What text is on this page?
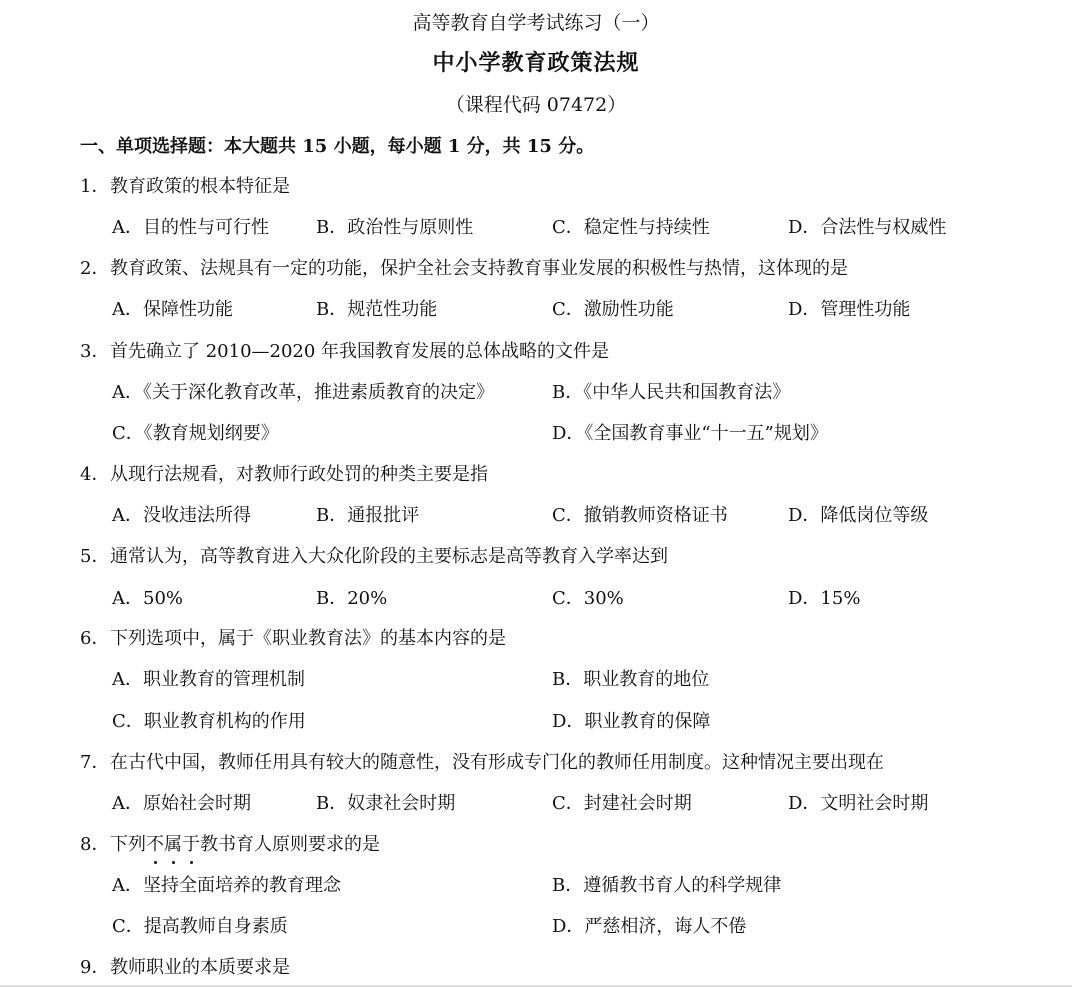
高等教育自学考试练习（一）
中小学教育政策法规
（课程代码 07472）
一、单项选择题：本大题共 15 小题，每小题 1 分，共 15 分。
1．教育政策的根本特征是
A．目的性与可行性	B．政治性与原则性	C．稳定性与持续性	D．合法性与权威性
2．教育政策、法规具有一定的功能，保护全社会支持教育事业发展的积极性与热情，这体现的是
A．保障性功能	B．规范性功能	C．激励性功能	D．管理性功能
3．首先确立了 2010—2020 年我国教育发展的总体战略的文件是
A．《关于深化教育改革，推进素质教育的决定》	B．《中华人民共和国教育法》
C．《教育规划纲要》	D．《全国教育事业“十一五”规划》
4．从现行法规看，对教师行政处罚的种类主要是指
A．没收违法所得	B．通报批评	C．撤销教师资格证书	D．降低岗位等级
5．通常认为，高等教育进入大众化阶段的主要标志是高等教育入学率达到
A．50%	B．20%	C．30%	D．15%
6．下列选项中，属于《职业教育法》的基本内容的是
A．职业教育的管理机制	B．职业教育的地位
C．职业教育机构的作用	D．职业教育的保障
7．在古代中国，教师任用具有较大的随意性，没有形成专门化的教师任用制度。这种情况主要出现在
A．原始社会时期	B．奴隶社会时期	C．封建社会时期	D．文明社会时期
8．下列不属于教书育人原则要求的是
A．坚持全面培养的教育理念	B．遵循教书育人的科学规律
C．提高教师自身素质	D．严慈相济，诲人不倦
9．教师职业的本质要求是
